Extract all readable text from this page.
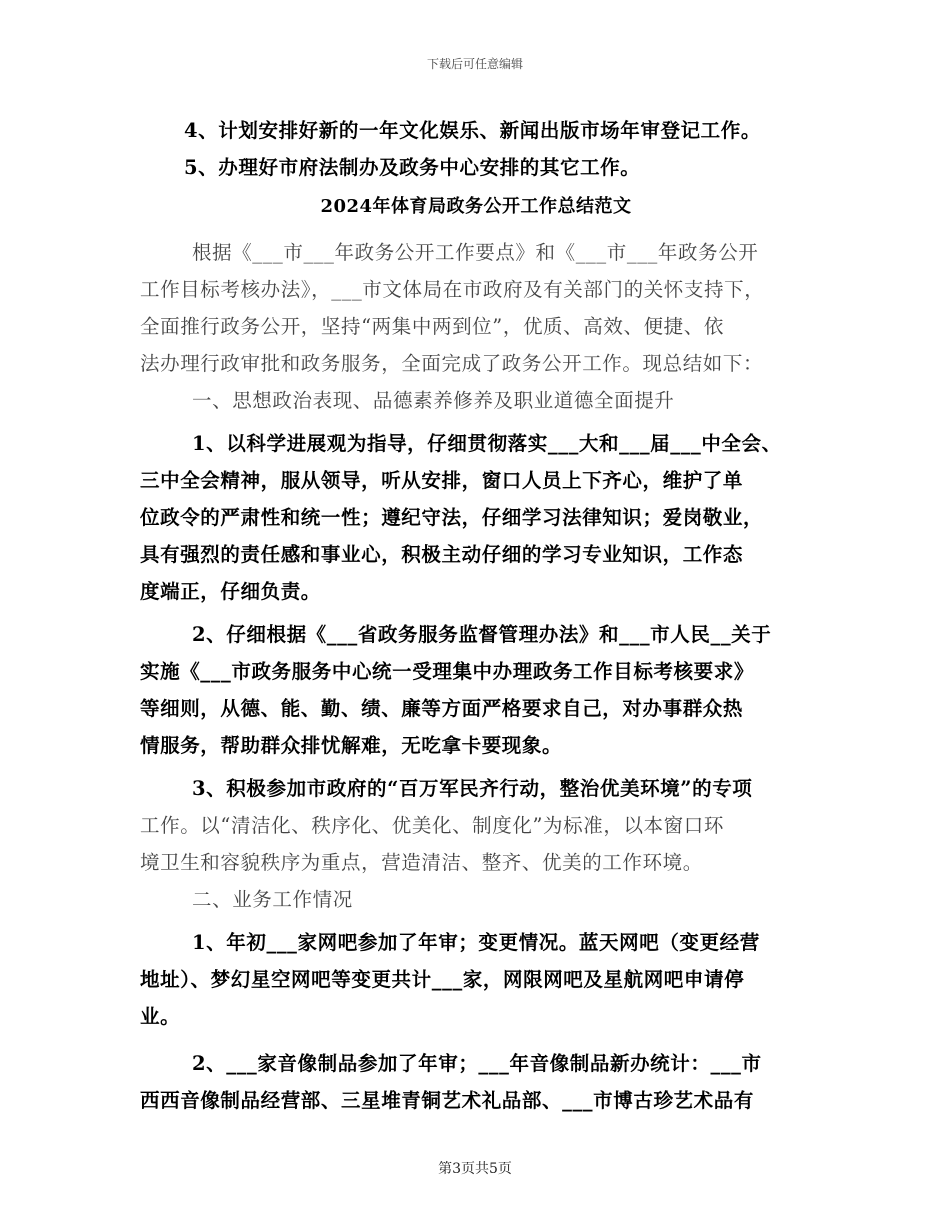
下载后可任意编辑
4、计划安排好新的一年文化娱乐、新闻出版市场年审登记工作。
5、办理好市府法制办及政务中心安排的其它工作。
2024年体育局政务公开工作总结范文
根据《___市___年政务公开工作要点》和《___市___年政务公开
工作目标考核办法》，___市文体局在市政府及有关部门的关怀支持下，
全面推行政务公开，坚持“两集中两到位”，优质、高效、便捷、依
法办理行政审批和政务服务，全面完成了政务公开工作。现总结如下：
一、思想政治表现、品德素养修养及职业道德全面提升
1、以科学进展观为指导，仔细贯彻落实___大和___届___中全会、
三中全会精神，服从领导，听从安排，窗口人员上下齐心，维护了单
位政令的严肃性和统一性；遵纪守法，仔细学习法律知识；爱岗敬业，
具有强烈的责任感和事业心，积极主动仔细的学习专业知识，工作态
度端正，仔细负责。
2、仔细根据《___省政务服务监督管理办法》和___市人民__关于
实施《___市政务服务中心统一受理集中办理政务工作目标考核要求》
等细则，从德、能、勤、绩、廉等方面严格要求自己，对办事群众热
情服务，帮助群众排忧解难，无吃拿卡要现象。
3、积极参加市政府的“百万军民齐行动，整治优美环境”的专项
工作。以“清洁化、秩序化、优美化、制度化”为标准，以本窗口环
境卫生和容貌秩序为重点，营造清洁、整齐、优美的工作环境。
二、业务工作情况
1、年初___家网吧参加了年审；变更情况。蓝天网吧（变更经营
地址）、梦幻星空网吧等变更共计___家，网限网吧及星航网吧申请停
业。
2、___家音像制品参加了年审；___年音像制品新办统计：___市
西西音像制品经营部、三星堆青铜艺术礼品部、___市博古珍艺术品有
第3页共5页
